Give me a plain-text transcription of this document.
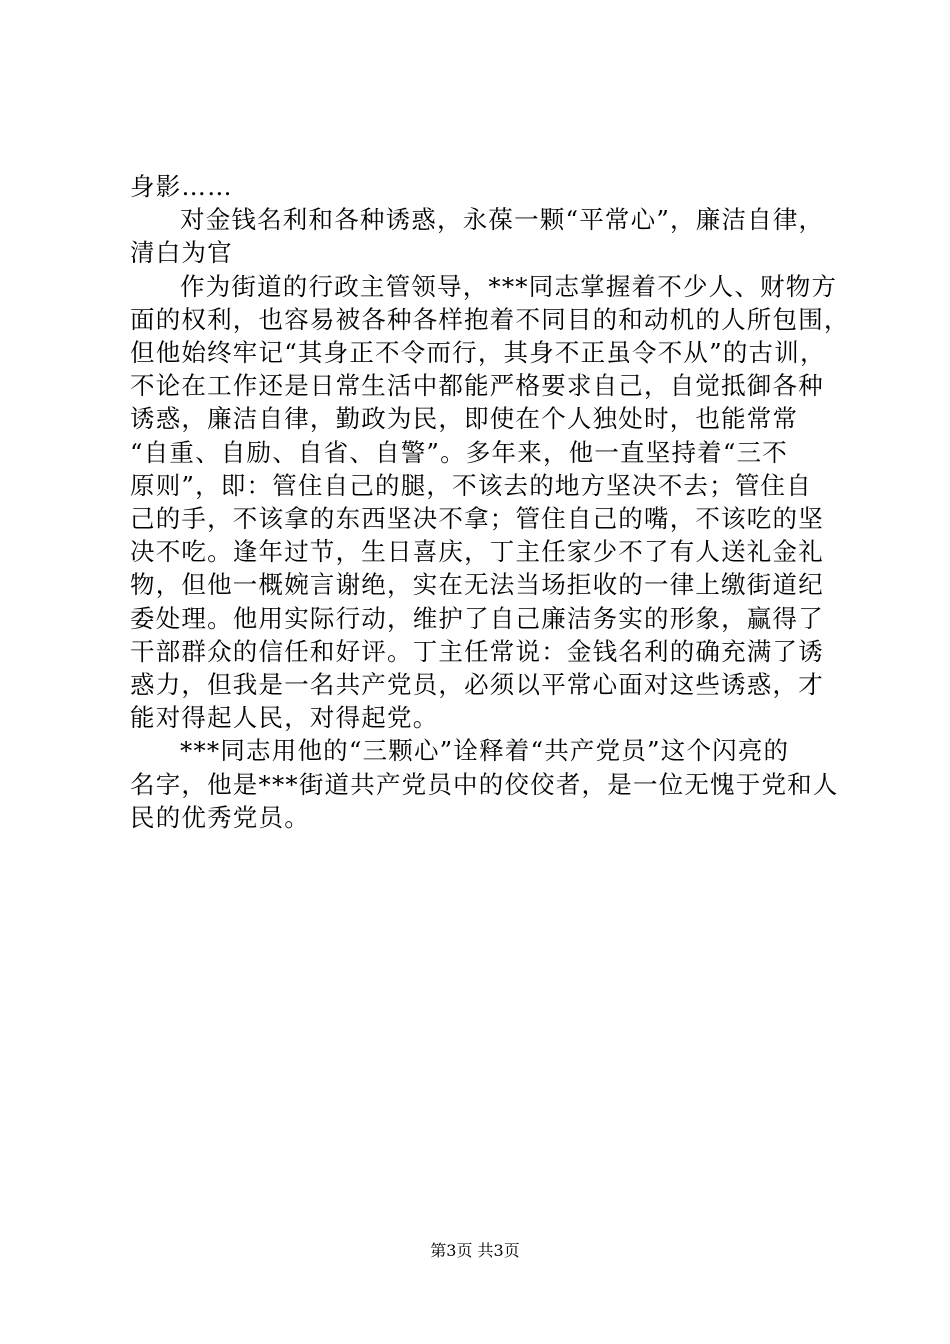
身影……
对金钱名利和各种诱惑，永葆一颗“平常心”，廉洁自律，
清白为官
作为街道的行政主管领导，***同志掌握着不少人、财物方
面的权利，也容易被各种各样抱着不同目的和动机的人所包围，
但他始终牢记“其身正不令而行，其身不正虽令不从”的古训，
不论在工作还是日常生活中都能严格要求自己，自觉抵御各种
诱惑，廉洁自律，勤政为民，即使在个人独处时，也能常常
“自重、自励、自省、自警”。多年来，他一直坚持着“三不
原则”，即：管住自己的腿，不该去的地方坚决不去；管住自
己的手，不该拿的东西坚决不拿；管住自己的嘴，不该吃的坚
决不吃。逢年过节，生日喜庆，丁主任家少不了有人送礼金礼
物，但他一概婉言谢绝，实在无法当场拒收的一律上缴街道纪
委处理。他用实际行动，维护了自己廉洁务实的形象，赢得了
干部群众的信任和好评。丁主任常说：金钱名利的确充满了诱
惑力，但我是一名共产党员，必须以平常心面对这些诱惑，才
能对得起人民，对得起党。
***同志用他的“三颗心”诠释着“共产党员”这个闪亮的
名字，他是***街道共产党员中的佼佼者，是一位无愧于党和人
民的优秀党员。
第3页 共3页
